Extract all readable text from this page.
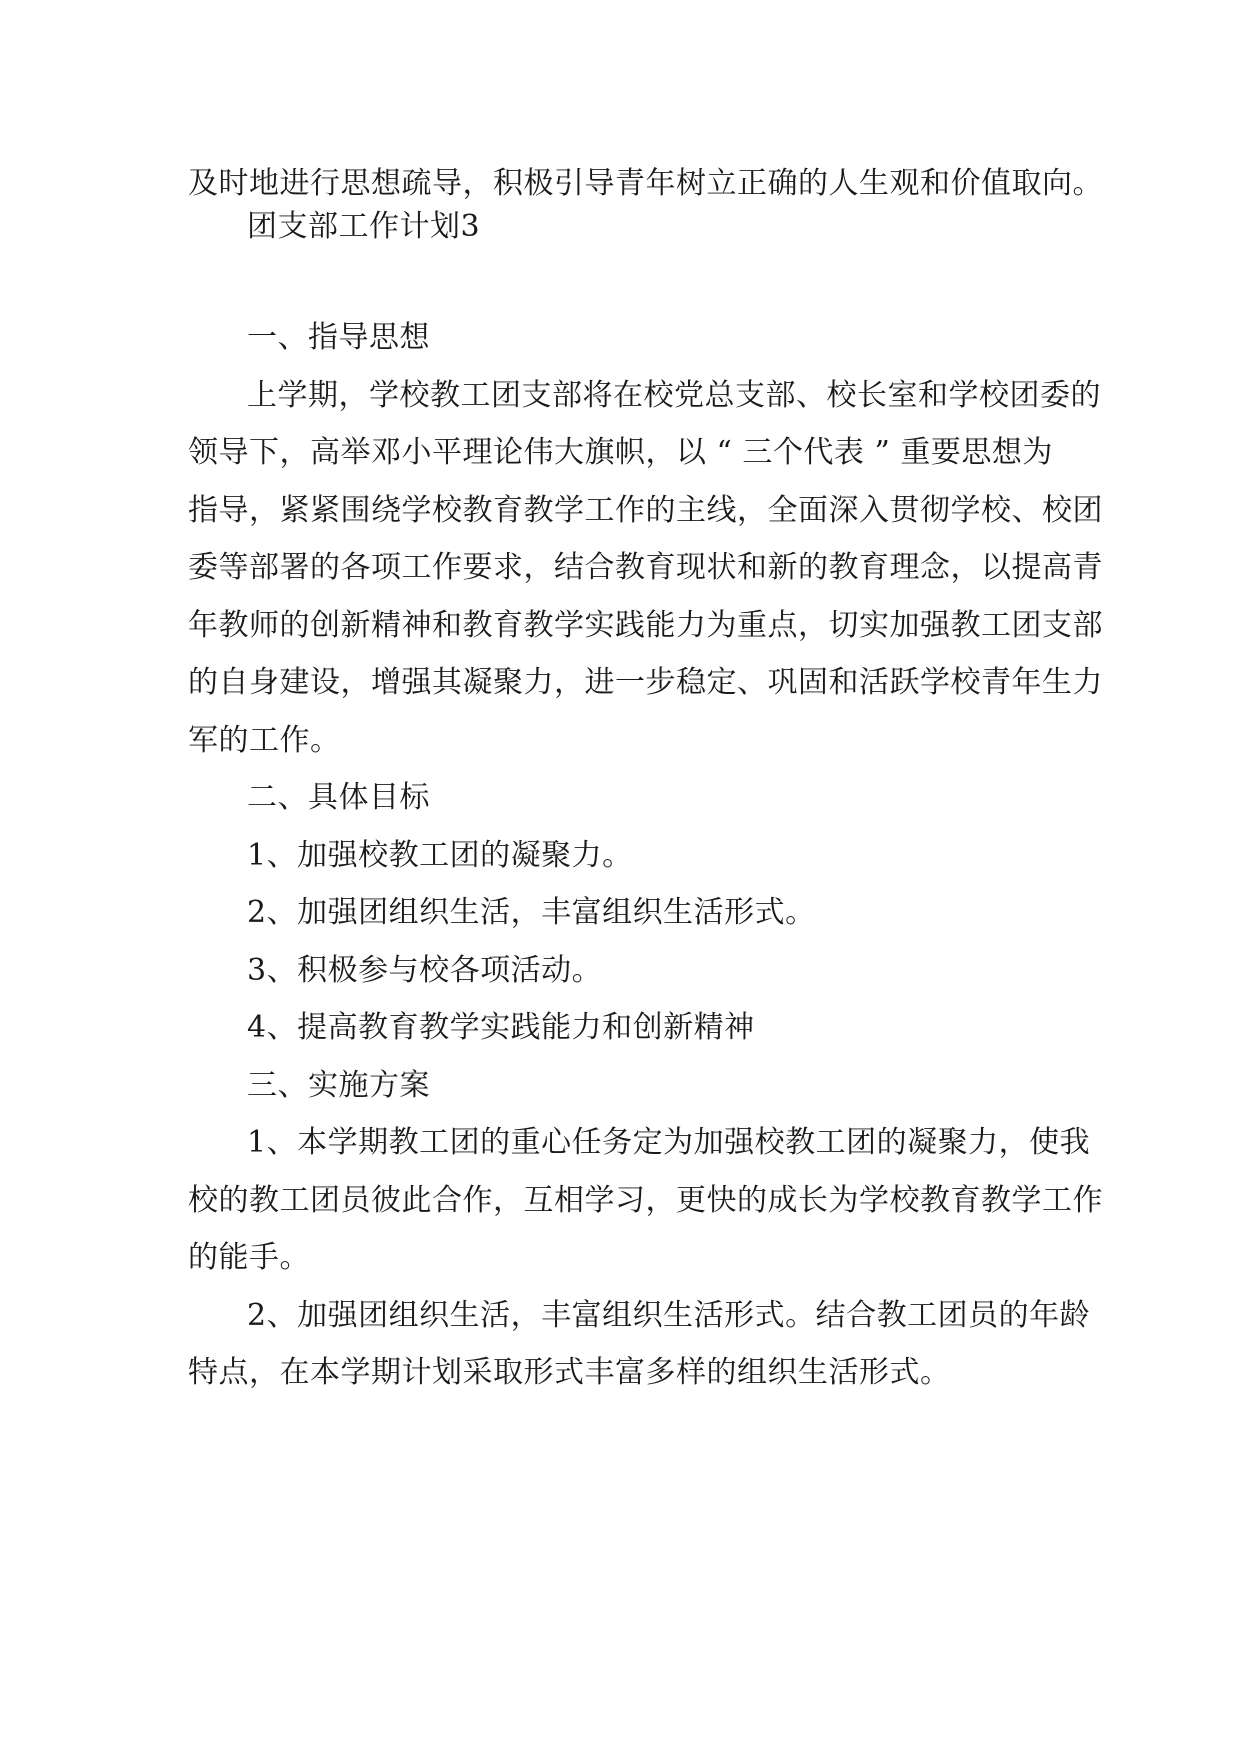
及时地进行思想疏导，积极引导青年树立正确的人生观和价值取向。
团支部工作计划3
一、指导思想
上学期，学校教工团支部将在校党总支部、校长室和学校团委的
领导下，高举邓小平理论伟大旗帜，以 “ 三个代表 ” 重要思想为
指导，紧紧围绕学校教育教学工作的主线，全面深入贯彻学校、校团
委等部署的各项工作要求，结合教育现状和新的教育理念，以提高青
年教师的创新精神和教育教学实践能力为重点，切实加强教工团支部
的自身建设，增强其凝聚力，进一步稳定、巩固和活跃学校青年生力
军的工作。
二、具体目标
1、加强校教工团的凝聚力。
2、加强团组织生活，丰富组织生活形式。
3、积极参与校各项活动。
4、提高教育教学实践能力和创新精神
三、实施方案
1、本学期教工团的重心任务定为加强校教工团的凝聚力，使我
校的教工团员彼此合作，互相学习，更快的成长为学校教育教学工作
的能手。
2、加强团组织生活，丰富组织生活形式。结合教工团员的年龄
特点，在本学期计划采取形式丰富多样的组织生活形式。
